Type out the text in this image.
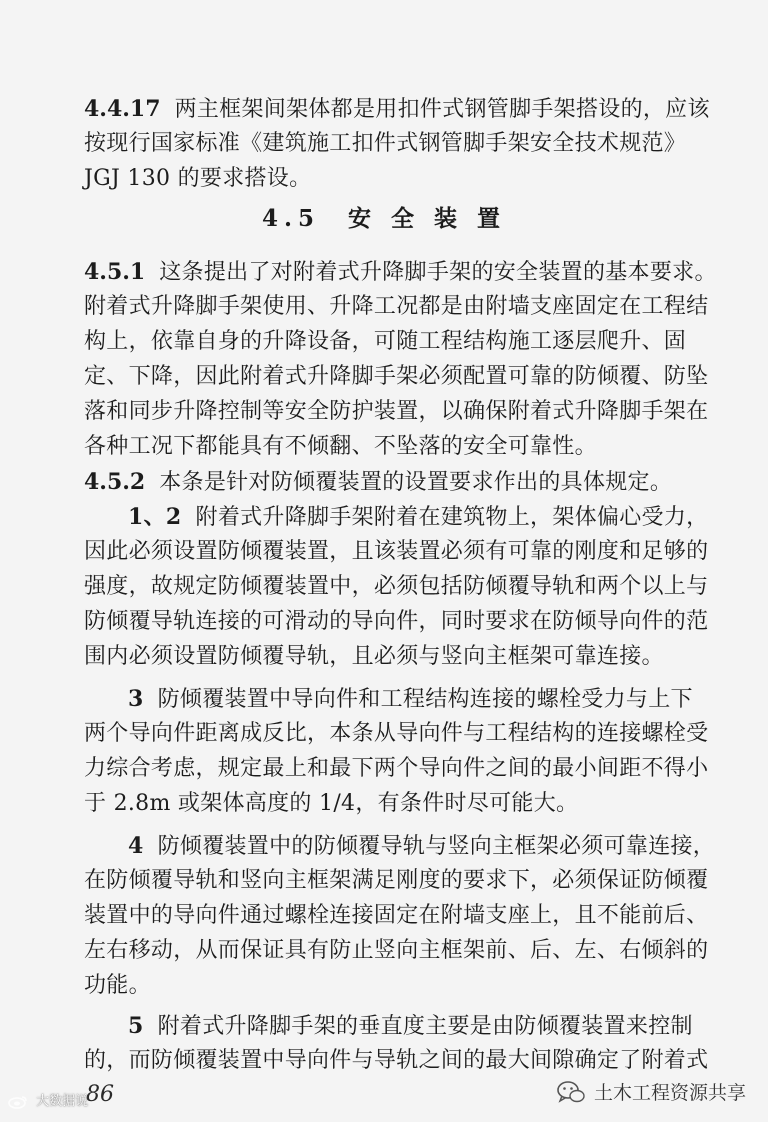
4.4.17 两主框架间架体都是用扣件式钢管脚手架搭设的，应该
按现行国家标准《建筑施工扣件式钢管脚手架安全技术规范》
JGJ 130 的要求搭设。
4.5 安 全 装 置
4.5.1 这条提出了对附着式升降脚手架的安全装置的基本要求。
附着式升降脚手架使用、升降工况都是由附墙支座固定在工程结
构上，依靠自身的升降设备，可随工程结构施工逐层爬升、固
定、下降，因此附着式升降脚手架必须配置可靠的防倾覆、防坠
落和同步升降控制等安全防护装置，以确保附着式升降脚手架在
各种工况下都能具有不倾翻、不坠落的安全可靠性。
4.5.2 本条是针对防倾覆装置的设置要求作出的具体规定。
1、2 附着式升降脚手架附着在建筑物上，架体偏心受力，
因此必须设置防倾覆装置，且该装置必须有可靠的刚度和足够的
强度，故规定防倾覆装置中，必须包括防倾覆导轨和两个以上与
防倾覆导轨连接的可滑动的导向件，同时要求在防倾导向件的范
围内必须设置防倾覆导轨，且必须与竖向主框架可靠连接。
3 防倾覆装置中导向件和工程结构连接的螺栓受力与上下
两个导向件距离成反比，本条从导向件与工程结构的连接螺栓受
力综合考虑，规定最上和最下两个导向件之间的最小间距不得小
于 2.8m 或架体高度的 1/4，有条件时尽可能大。
4 防倾覆装置中的防倾覆导轨与竖向主框架必须可靠连接，
在防倾覆导轨和竖向主框架满足刚度的要求下，必须保证防倾覆
装置中的导向件通过螺栓连接固定在附墙支座上，且不能前后、
左右移动，从而保证具有防止竖向主框架前、后、左、右倾斜的
功能。
5 附着式升降脚手架的垂直度主要是由防倾覆装置来控制
的，而防倾覆装置中导向件与导轨之间的最大间隙确定了附着式
86
大数据说	土木工程资源共享
